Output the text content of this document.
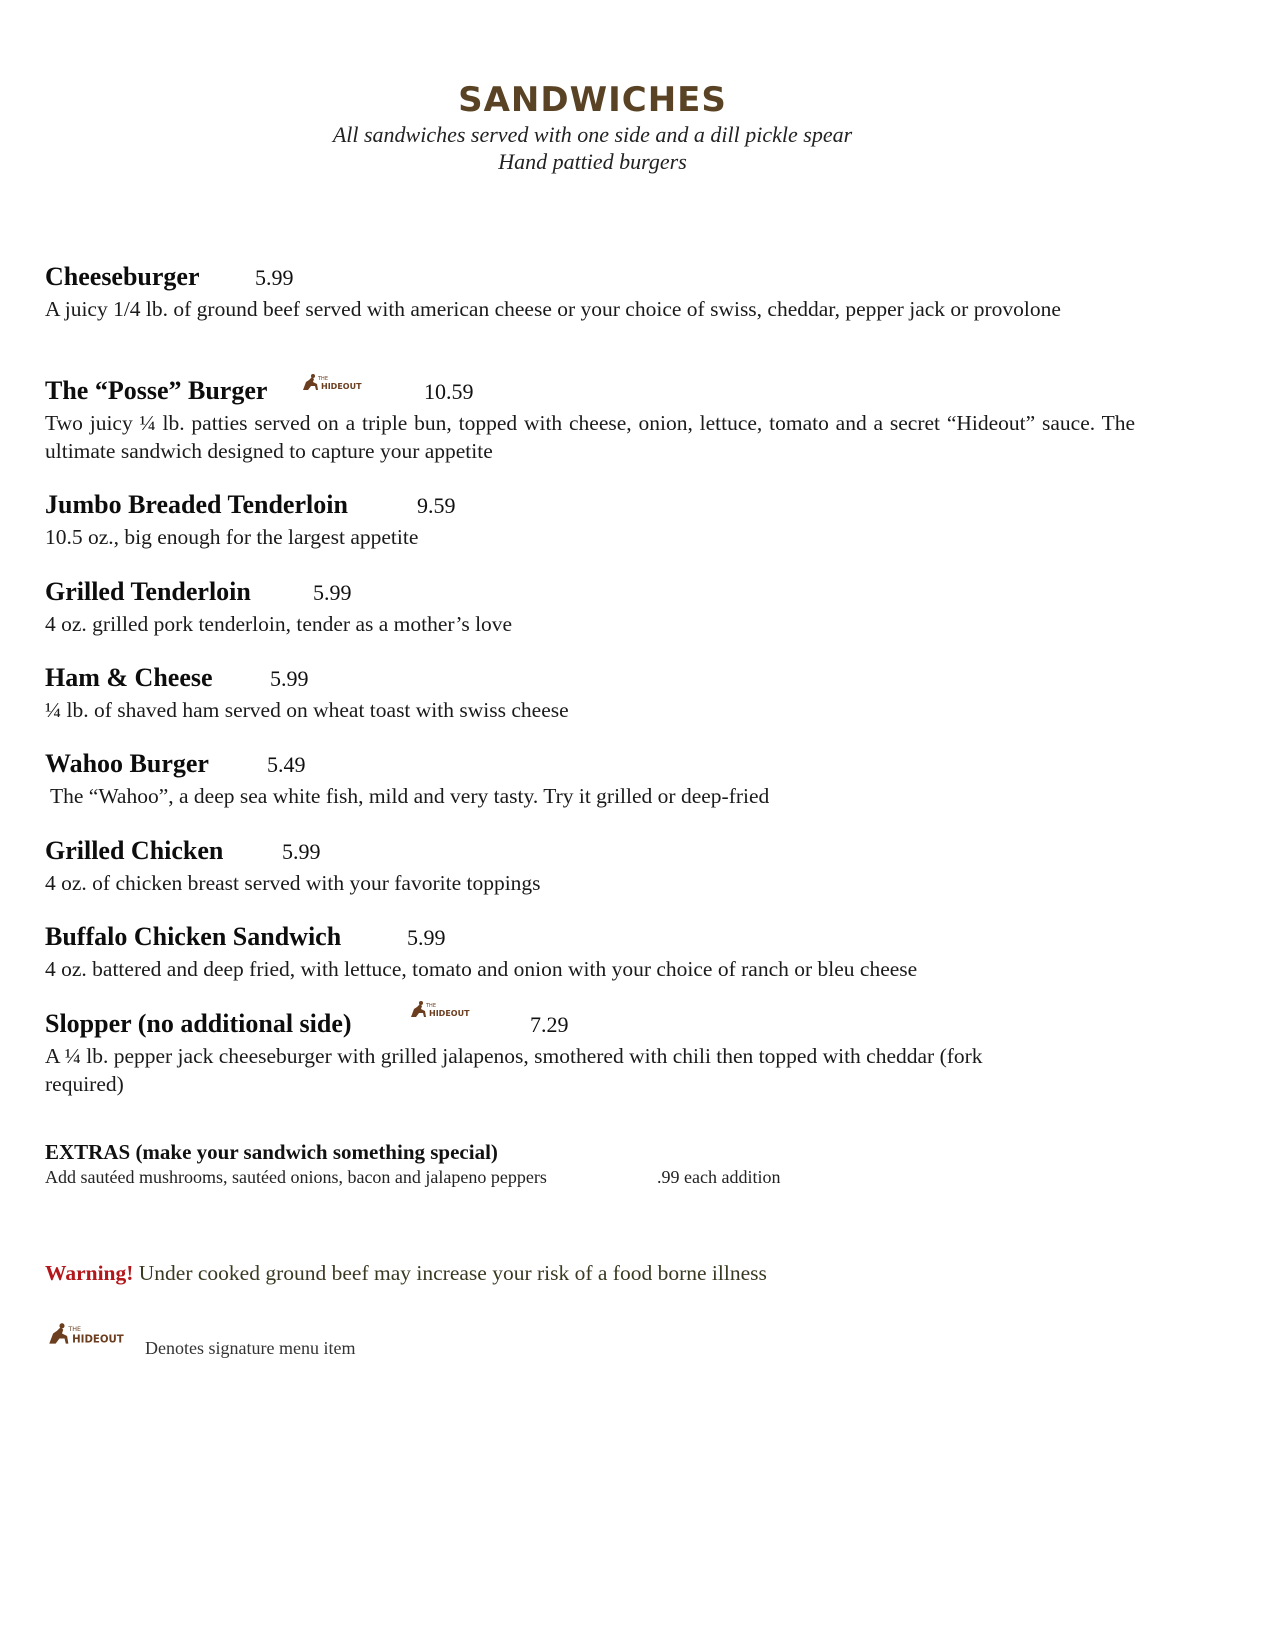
SANDWICHES
All sandwiches served with one side and a dill pickle spear
Hand pattied burgers
Cheeseburger	5.99
A juicy 1/4 lb. of ground beef served with american cheese or your choice of swiss, cheddar, pepper jack or provolone
The “Posse” Burger	THE
HIDEOUT	10.59
Two juicy ¼ lb. patties served on a triple bun, topped with cheese, onion, lettuce, tomato and a secret “Hideout” sauce. The ultimate sandwich designed to capture your appetite
Jumbo Breaded Tenderloin	9.59
10.5 oz., big enough for the largest appetite
Grilled Tenderloin	5.99
4 oz. grilled pork tenderloin, tender as a mother’s love
Ham & Cheese	5.99
¼ lb. of shaved ham served on wheat toast with swiss cheese
Wahoo Burger	5.49
The “Wahoo”, a deep sea white fish, mild and very tasty. Try it grilled or deep-fried
Grilled Chicken	5.99
4 oz. of chicken breast served with your favorite toppings
Buffalo Chicken Sandwich	5.99
4 oz. battered and deep fried, with lettuce, tomato and onion with your choice of ranch or bleu cheese
Slopper (no additional side)
THE
HIDEOUT	7.29
A ¼ lb. pepper jack cheeseburger with grilled jalapenos, smothered with chili then topped with cheddar (fork required)
EXTRAS (make your sandwich something special)
Add sautéed mushrooms, sautéed onions, bacon and jalapeno peppers	.99 each addition
Warning! Under cooked ground beef may increase your risk of a food borne illness
THE
HIDEOUT Denotes signature menu item
